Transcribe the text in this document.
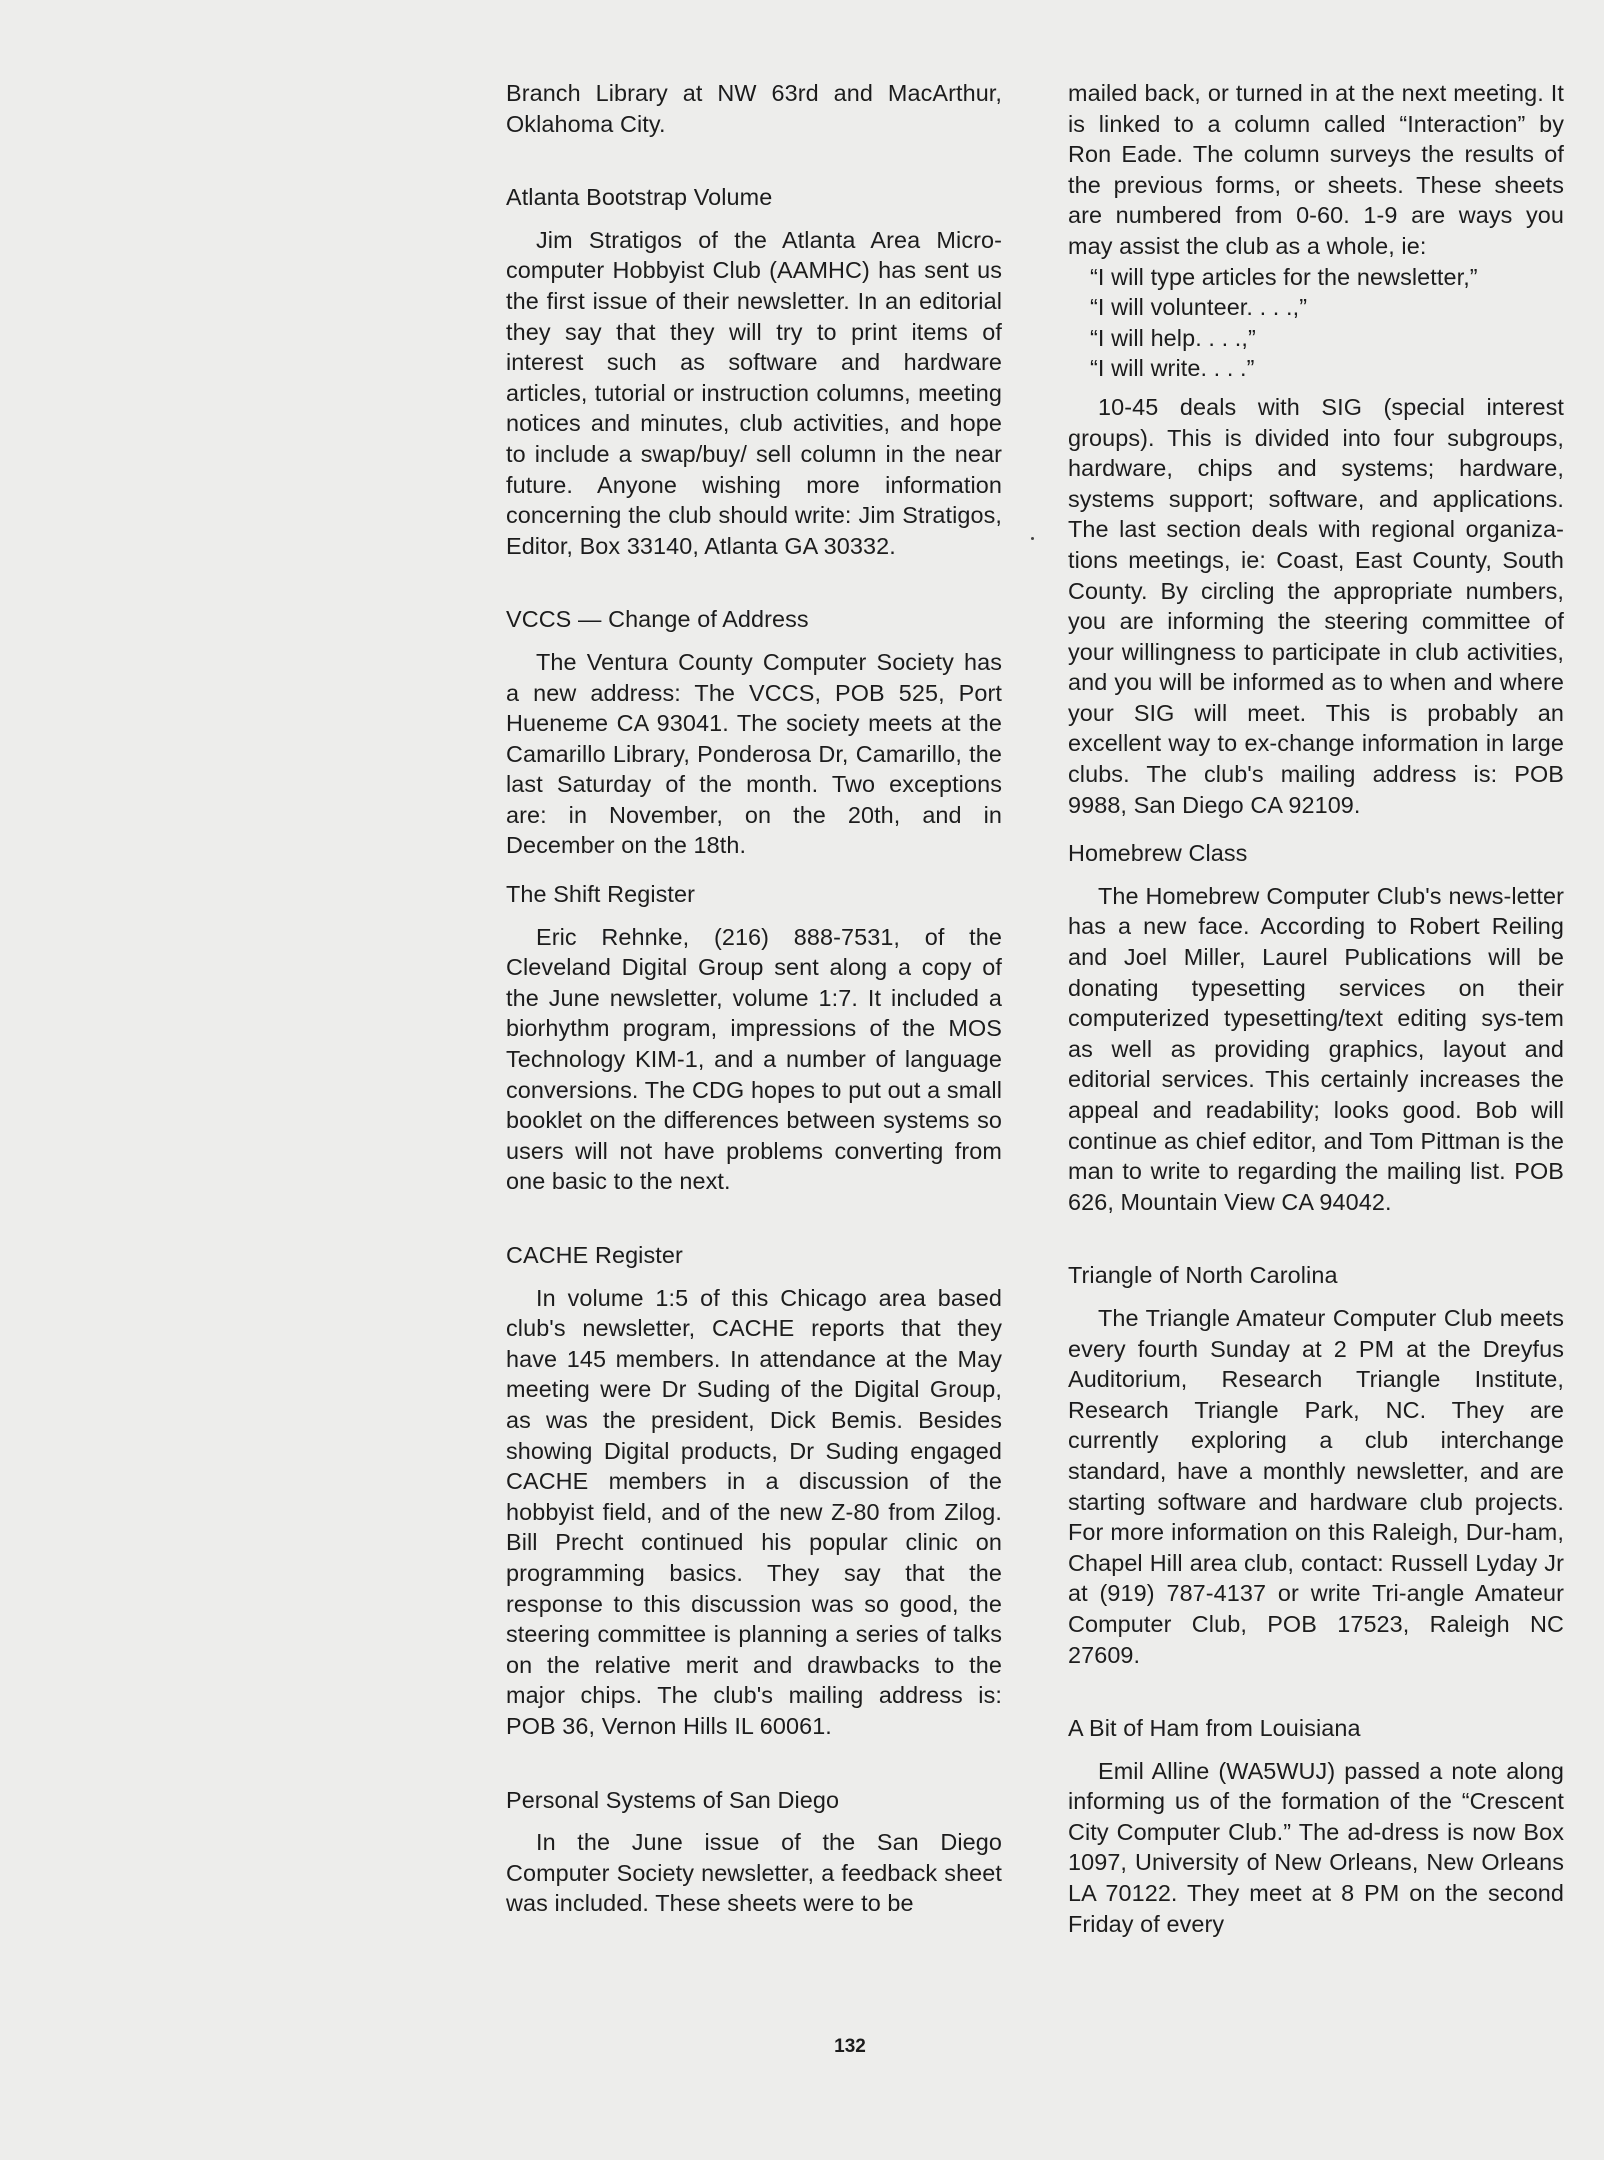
Branch Library at NW 63rd and MacArthur, Oklahoma City.

Atlanta Bootstrap Volume

Jim Stratigos of the Atlanta Area Micro-computer Hobbyist Club (AAMHC) has sent us the first issue of their newsletter. In an editorial they say that they will try to print items of interest such as software and hardware articles, tutorial or instruction columns, meeting notices and minutes, club activities, and hope to include a swap/buy/ sell column in the near future. Anyone wishing more information concerning the club should write: Jim Stratigos, Editor, Box 33140, Atlanta GA 30332.

VCCS — Change of Address

The Ventura County Computer Society has a new address: The VCCS, POB 525, Port Hueneme CA 93041. The society meets at the Camarillo Library, Ponderosa Dr, Camarillo, the last Saturday of the month. Two exceptions are: in November, on the 20th, and in December on the 18th.

The Shift Register

Eric Rehnke, (216) 888-7531, of the Cleveland Digital Group sent along a copy of the June newsletter, volume 1:7. It included a biorhythm program, impressions of the MOS Technology KIM-1, and a number of language conversions. The CDG hopes to put out a small booklet on the differences between systems so users will not have problems converting from one basic to the next.

CACHE Register

In volume 1:5 of this Chicago area based club's newsletter, CACHE reports that they have 145 members. In attendance at the May meeting were Dr Suding of the Digital Group, as was the president, Dick Bemis. Besides showing Digital products, Dr Suding engaged CACHE members in a discussion of the hobbyist field, and of the new Z-80 from Zilog. Bill Precht continued his popular clinic on programming basics. They say that the response to this discussion was so good, the steering committee is planning a series of talks on the relative merit and drawbacks to the major chips. The club's mailing address is: POB 36, Vernon Hills IL 60061.

Personal Systems of San Diego

In the June issue of the San Diego Computer Society newsletter, a feedback sheet was included. These sheets were to be

mailed back, or turned in at the next meeting. It is linked to a column called “Interaction” by Ron Eade. The column surveys the results of the previous forms, or sheets. These sheets are numbered from 0-60. 1-9 are ways you may assist the club as a whole, ie:

“I will type articles for the newsletter,”

“I will volunteer. . . .,”

“I will help. . . .,”

“I will write. . . .”

10-45 deals with SIG (special interest groups). This is divided into four subgroups, hardware, chips and systems; hardware, systems support; software, and applications. The last section deals with regional organiza-tions meetings, ie: Coast, East County, South County. By circling the appropriate numbers, you are informing the steering committee of your willingness to participate in club activities, and you will be informed as to when and where your SIG will meet. This is probably an excellent way to ex-change information in large clubs. The club's mailing address is: POB 9988, San Diego CA 92109.

Homebrew Class

The Homebrew Computer Club's news-letter has a new face. According to Robert Reiling and Joel Miller, Laurel Publications will be donating typesetting services on their computerized typesetting/text editing sys-tem as well as providing graphics, layout and editorial services. This certainly increases the appeal and readability; looks good. Bob will continue as chief editor, and Tom Pittman is the man to write to regarding the mailing list. POB 626, Mountain View CA 94042.

Triangle of North Carolina

The Triangle Amateur Computer Club meets every fourth Sunday at 2 PM at the Dreyfus Auditorium, Research Triangle Institute, Research Triangle Park, NC. They are currently exploring a club interchange standard, have a monthly newsletter, and are starting software and hardware club projects. For more information on this Raleigh, Dur-ham, Chapel Hill area club, contact: Russell Lyday Jr at (919) 787-4137 or write Tri-angle Amateur Computer Club, POB 17523, Raleigh NC 27609.

A Bit of Ham from Louisiana

Emil Alline (WA5WUJ) passed a note along informing us of the formation of the “Crescent City Computer Club.” The ad-dress is now Box 1097, University of New Orleans, New Orleans LA 70122. They meet at 8 PM on the second Friday of every

132
